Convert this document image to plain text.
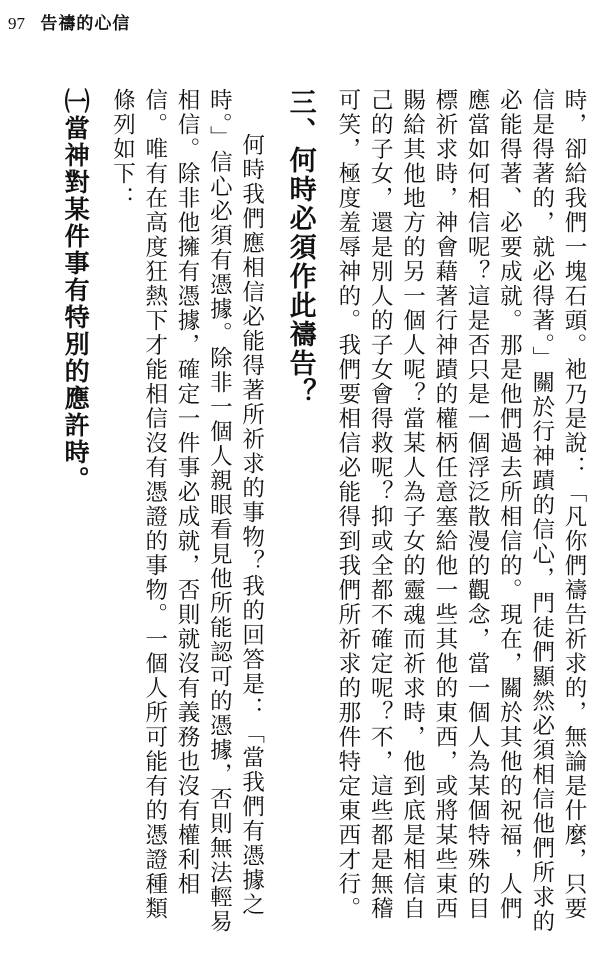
97 告禱的心信

時，卻給我們一塊石頭。祂乃是說：「凡你們禱告祈求的，無論是什麼，只要信是得著的，就必得著。」關於行神蹟的信心，門徒們顯然必須相信他們所求的必能得著、必要成就。那是他們過去所相信的。現在，關於其他的祝福，人們應當如何相信呢？這是否只是一個浮泛散漫的觀念，當一個人為某個特殊的目標祈求時，神會藉著行神蹟的權柄任意塞給他一些其他的東西，或將某些東西賜給其他地方的另一個人呢？當某人為子女的靈魂而祈求時，他到底是相信自己的子女，還是別人的子女會得救呢？抑或全都不確定呢？不，這些都是無稽可笑，極度羞辱神的。我們要相信必能得到我們所祈求的那件特定東西才行。

三、何時必須作此禱告？

何時我們應相信必能得著所祈求的事物？我的回答是：「當我們有憑據之時。」信心必須有憑據。除非一個人親眼看見他所能認可的憑據，否則無法輕易相信。除非他擁有憑據，確定一件事必成就，否則就沒有義務也沒有權利相信。唯有在高度狂熱下才能相信沒有憑證的事物。一個人所可能有的憑證種類條列如下：

㈠當神對某件事有特別的應許時。
